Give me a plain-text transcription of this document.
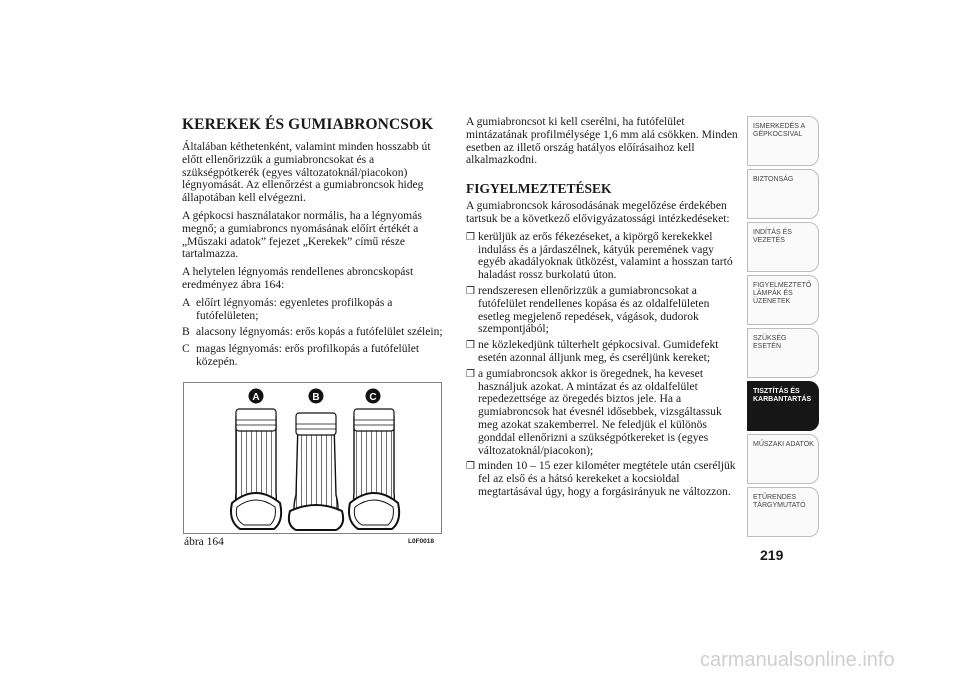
KEREKEK ÉS GUMIABRONCSOK

Általában kéthetenként, valamint minden hosszabb út előtt ellenőrizzük a gumiabroncsokat és a szükségpótkerék (egyes változatoknál/piacokon) légnyomását. Az ellenőrzést a gumiabroncsok hideg állapotában kell elvégezni.

A gépkocsi használatakor normális, ha a légnyomás megnő; a gumiabroncs nyomásának előírt értékét a „Műszaki adatok” fejezet „Kerekek” című része tartalmazza.

A helytelen légnyomás rendellenes abroncskopást eredményez ábra 164:

A előírt légnyomás: egyenletes profilkopás a futófelületen;
B alacsony légnyomás: erős kopás a futófelület szélein;
C magas légnyomás: erős profilkopás a futófelület közepén.
A	B	C
ábra 164	L0F0018

A gumiabroncsot ki kell cserélni, ha futófelület mintázatának profilmélysége 1,6 mm alá csökken. Minden esetben az illető ország hatályos előírásaihoz kell alkalmazkodni.

FIGYELMEZTETÉSEK

A gumiabroncsok károsodásának megelőzése érdekében tartsuk be a következő elővigyázatossági intézkedéseket:

❒ kerüljük az erős fékezéseket, a kipörgő kerekekkel induláss és a járdaszélnek, kátyúk peremének vagy egyéb akadályoknak ütközést, valamint a hosszan tartó haladást rossz burkolatú úton.
❒ rendszeresen ellenőrizzük a gumiabroncsokat a futófelület rendellenes kopása és az oldalfelületen esetleg megjelenő repedések, vágások, dudorok szempontjából;
❒ ne közlekedjünk túlterhelt gépkocsival. Gumidefekt esetén azonnal álljunk meg, és cseréljünk kereket;
❒ a gumiabroncsok akkor is öregednek, ha keveset használjuk azokat. A mintázat és az oldalfelület repedezettsége az öregedés biztos jele. Ha a gumiabroncsok hat évesnél idősebbek, vizsgáltassuk meg azokat szakemberrel. Ne feledjük el különös gonddal ellenőrizni a szükségpótkereket is (egyes változatoknál/piacokon);
❒ minden 10 – 15 ezer kilométer megtétele után cseréljük fel az első és a hátsó kerekeket a kocsioldal megtartásával úgy, hogy a forgásirányuk ne változzon.
ISMERKEDÉS A
GÉPKOCSIVAL
BIZTONSÁG
INDÍTÁS ÉS
VEZETÉS
FIGYELMEZTETŐ
LÁMPÁK ÉS
ÜZENETEK
SZÜKSÉG ESETÉN
TISZTÍTÁS ÉS
KARBANTARTÁS
MŰSZAKI ADATOK
ETŰRENDES
TÁRGYMUTATÓ
219
carmanualsonline.info
